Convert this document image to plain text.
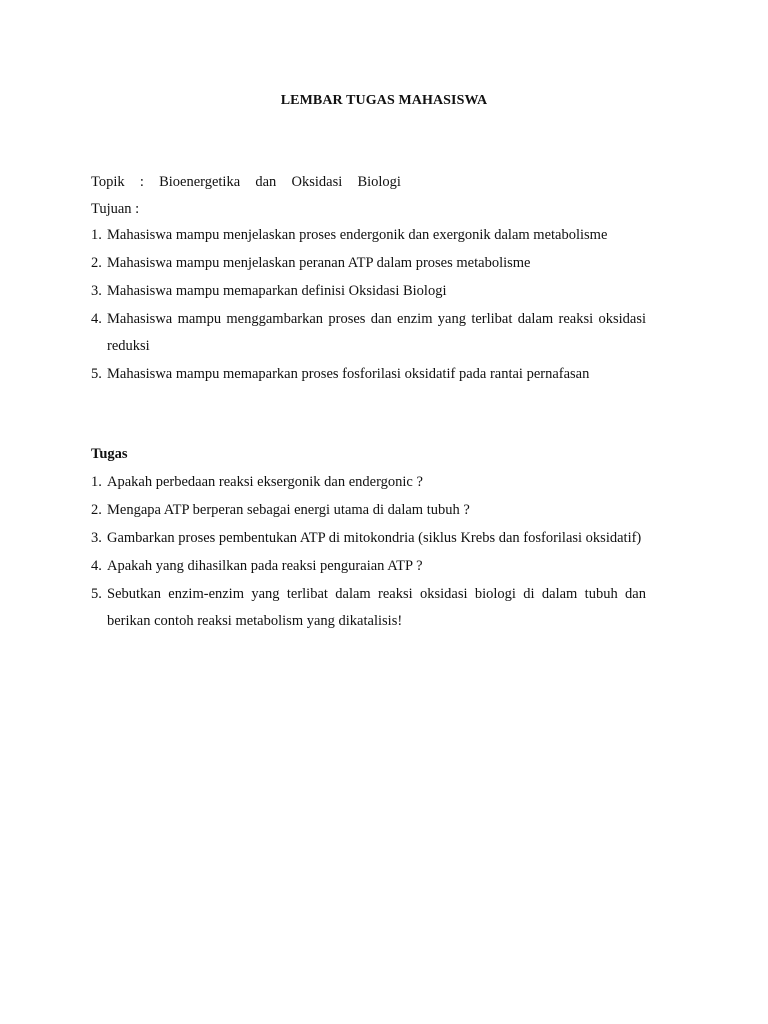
LEMBAR TUGAS MAHASISWA
Topik : Bioenergetika dan Oksidasi Biologi
Tujuan :
1. Mahasiswa mampu menjelaskan proses endergonik dan exergonik dalam metabolisme
2. Mahasiswa mampu menjelaskan peranan ATP dalam proses metabolisme
3. Mahasiswa mampu memaparkan definisi Oksidasi Biologi
4. Mahasiswa mampu menggambarkan proses dan enzim yang terlibat dalam reaksi oksidasi reduksi
5. Mahasiswa mampu memaparkan proses fosforilasi oksidatif pada rantai pernafasan
Tugas
1. Apakah perbedaan reaksi eksergonik dan endergonic ?
2. Mengapa ATP berperan sebagai energi utama di dalam tubuh ?
3. Gambarkan proses pembentukan ATP di mitokondria (siklus Krebs dan fosforilasi oksidatif)
4. Apakah yang dihasilkan pada reaksi penguraian ATP ?
5. Sebutkan enzim-enzim yang terlibat dalam reaksi oksidasi biologi di dalam tubuh dan berikan contoh reaksi metabolism yang dikatalisis!
